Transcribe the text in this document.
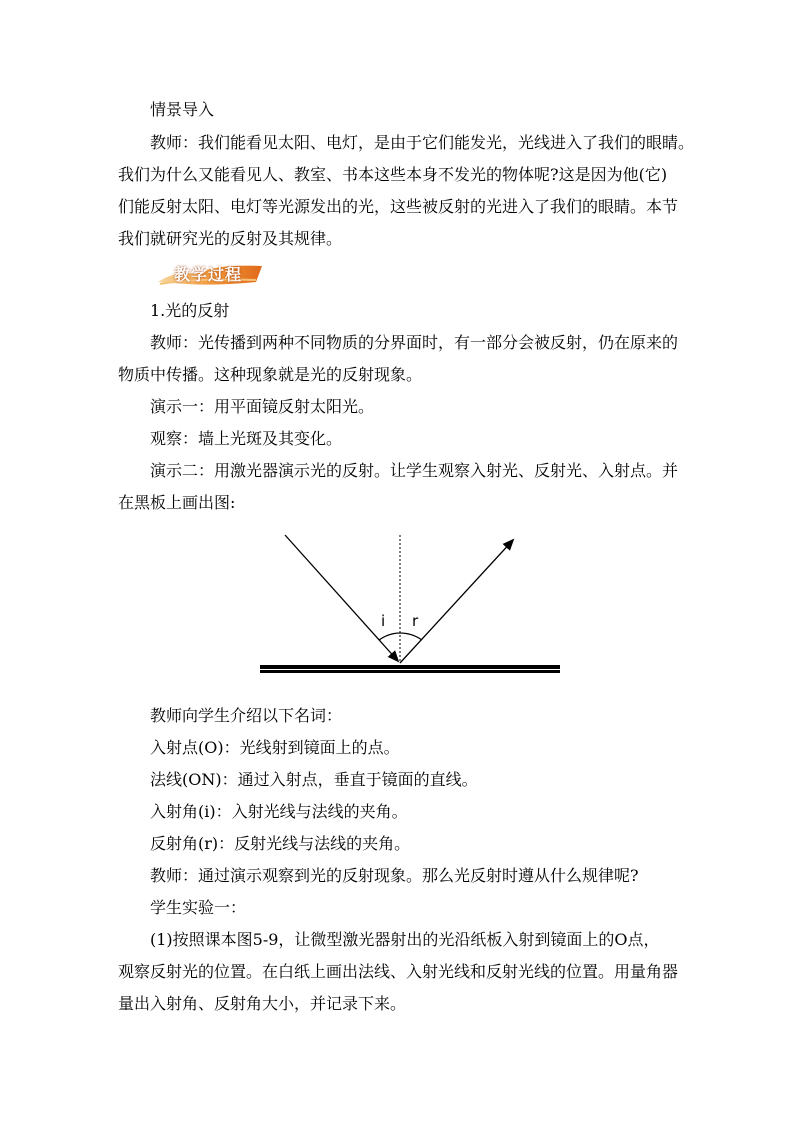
情景导入
教师：我们能看见太阳、电灯，是由于它们能发光，光线进入了我们的眼睛。
我们为什么又能看见人、教室、书本这些本身不发光的物体呢?这是因为他(它)
们能反射太阳、电灯等光源发出的光，这些被反射的光进入了我们的眼睛。本节
我们就研究光的反射及其规律。
教学过程
1.光的反射
教师：光传播到两种不同物质的分界面时，有一部分会被反射，仍在原来的
物质中传播。这种现象就是光的反射现象。
演示一：用平面镜反射太阳光。
观察：墙上光斑及其变化。
演示二：用激光器演示光的反射。让学生观察入射光、反射光、入射点。并
在黑板上画出图:
i r
教师向学生介绍以下名词：
入射点(O)：光线射到镜面上的点。
法线(ON)：通过入射点，垂直于镜面的直线。
入射角(i)：入射光线与法线的夹角。
反射角(r)：反射光线与法线的夹角。
教师：通过演示观察到光的反射现象。那么光反射时遵从什么规律呢?
学生实验一：
(1)按照课本图5-9，让微型激光器射出的光沿纸板入射到镜面上的O点，
观察反射光的位置。在白纸上画出法线、入射光线和反射光线的位置。用量角器
量出入射角、反射角大小，并记录下来。
